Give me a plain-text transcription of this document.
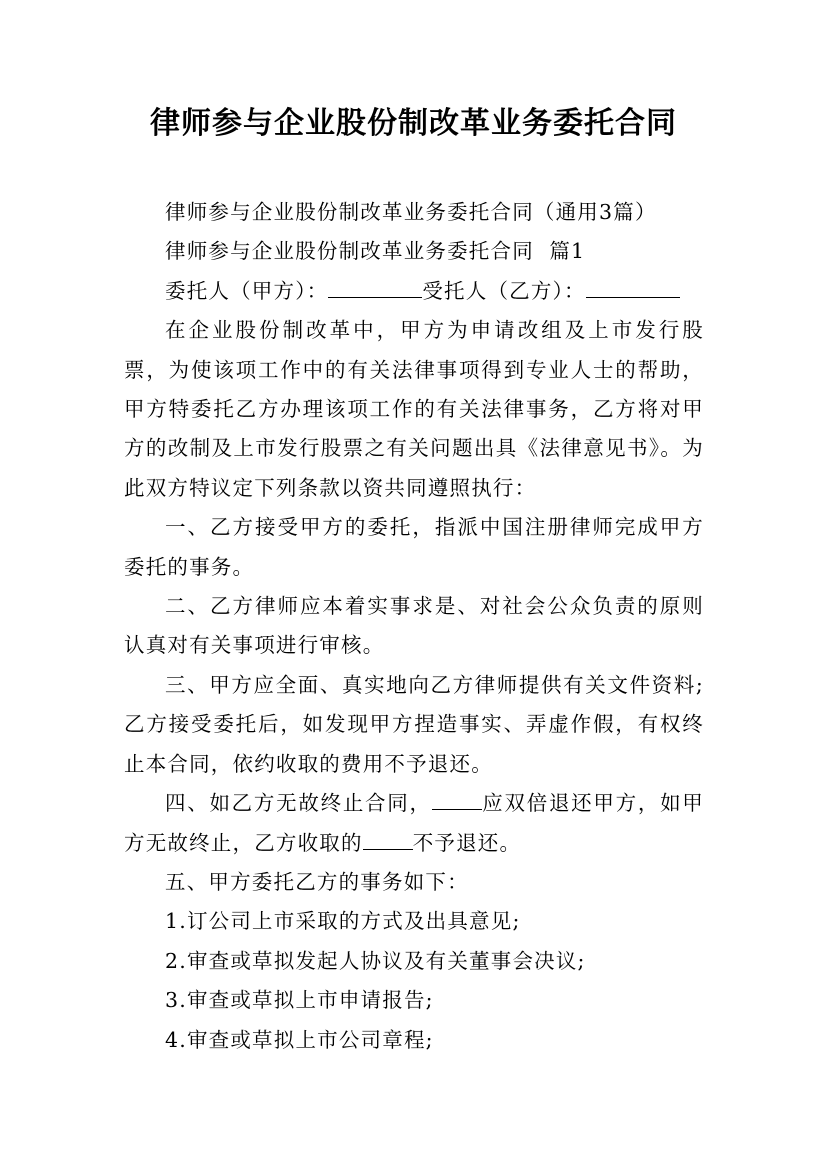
律师参与企业股份制改革业务委托合同

律师参与企业股份制改革业务委托合同（通用3篇）

律师参与企业股份制改革业务委托合同  篇1

委托人（甲方）：	受托人（乙方）：

在企业股份制改革中，甲方为申请改组及上市发行股票，为使该项工作中的有关法律事项得到专业人士的帮助，甲方特委托乙方办理该项工作的有关法律事务，乙方将对甲方的改制及上市发行股票之有关问题出具《法律意见书》。为此双方特议定下列条款以资共同遵照执行：

一、乙方接受甲方的委托，指派中国注册律师完成甲方委托的事务。

二、乙方律师应本着实事求是、对社会公众负责的原则认真对有关事项进行审核。

三、甲方应全面、真实地向乙方律师提供有关文件资料;乙方接受委托后，如发现甲方捏造事实、弄虚作假，有权终止本合同，依约收取的费用不予退还。

四、如乙方无故终止合同， 应双倍退还甲方，如甲方无故终止，乙方收取的 不予退还。

五、甲方委托乙方的事务如下：

1.订公司上市采取的方式及出具意见;

2.审查或草拟发起人协议及有关董事会决议;

3.审查或草拟上市申请报告;

4.审查或草拟上市公司章程;
